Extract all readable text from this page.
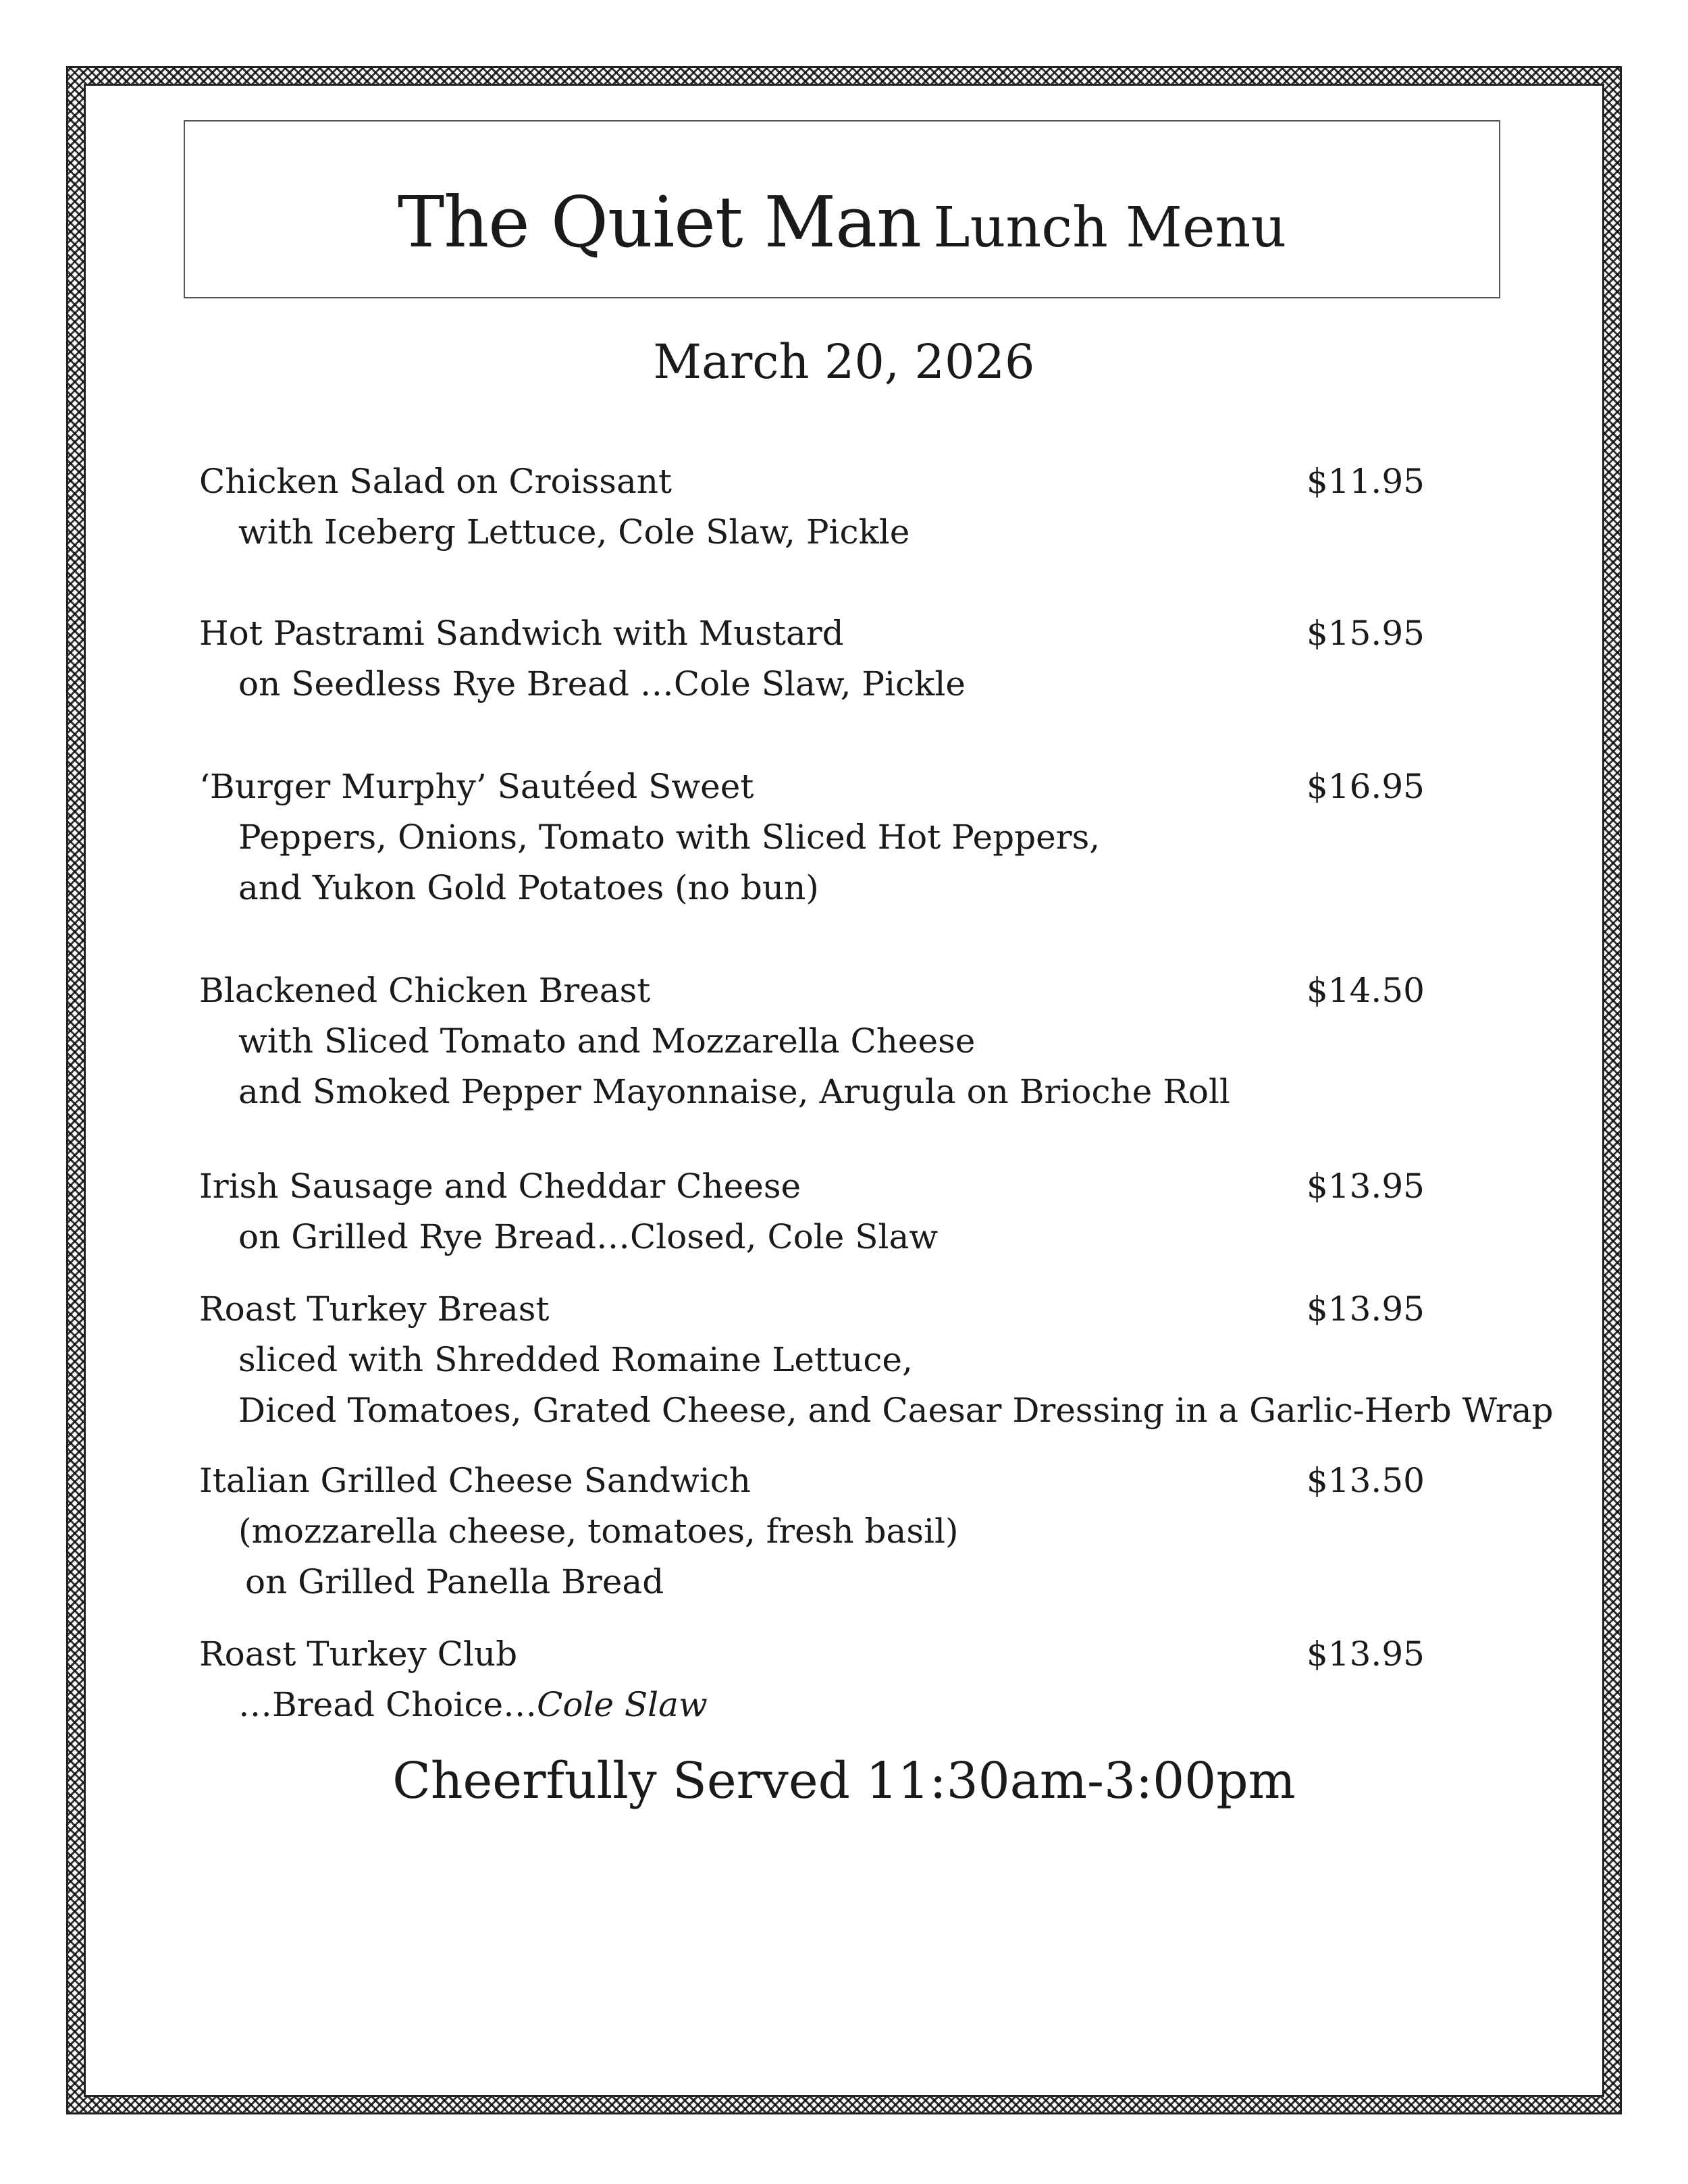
The Quiet Man Lunch Menu
March 20, 2026
Chicken Salad on Croissant	$11.95
with Iceberg Lettuce, Cole Slaw, Pickle
Hot Pastrami Sandwich with Mustard	$15.95
on Seedless Rye Bread …Cole Slaw, Pickle
‘Burger Murphy’ Sautéed Sweet	$16.95
Peppers, Onions, Tomato with Sliced Hot Peppers,
and Yukon Gold Potatoes (no bun)
Blackened Chicken Breast	$14.50
with Sliced Tomato and Mozzarella Cheese
and Smoked Pepper Mayonnaise, Arugula on Brioche Roll
Irish Sausage and Cheddar Cheese	$13.95
on Grilled Rye Bread…Closed, Cole Slaw
Roast Turkey Breast	$13.95
sliced with Shredded Romaine Lettuce,
Diced Tomatoes, Grated Cheese, and Caesar Dressing in a Garlic-Herb Wrap
Italian Grilled Cheese Sandwich	$13.50
(mozzarella cheese, tomatoes, fresh basil)
on Grilled Panella Bread
Roast Turkey Club	$13.95
…Bread Choice…Cole Slaw
Cheerfully Served 11:30am-3:00pm
